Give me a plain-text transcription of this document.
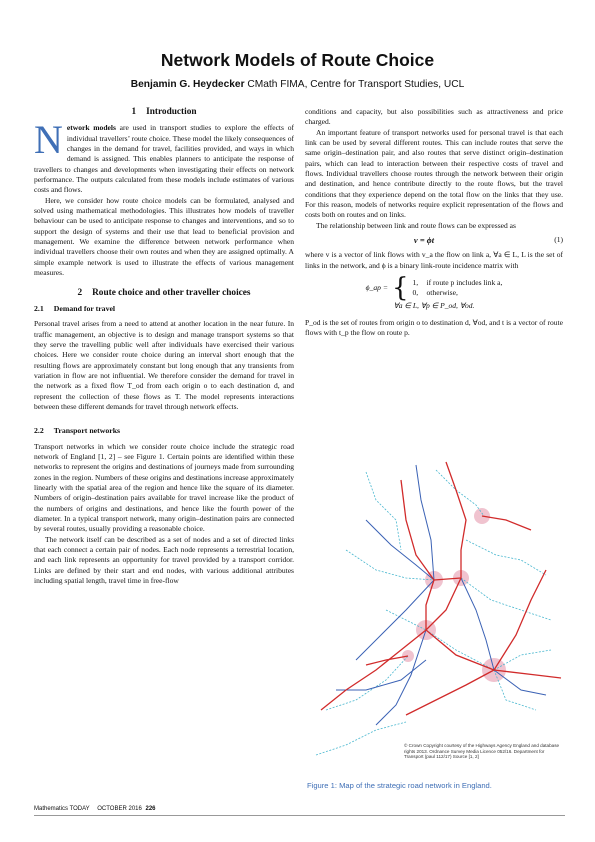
Network Models of Route Choice
Benjamin G. Heydecker CMath FIMA, Centre for Transport Studies, UCL
1 Introduction

Network models are used in transport studies to explore the effects of individual travellers’ route choice. These model the likely consequences of changes in the demand for travel, facilities provided, and ways in which demand is assigned. This enables planners to anticipate the response of travellers to changes and developments when investigating their effects on network performance. The outputs calculated from these models include estimates of various costs and flows.

Here, we consider how route choice models can be formulated, analysed and solved using mathematical methodologies. This illustrates how models of traveller behaviour can be used to anticipate response to changes and interventions, and so to support the design of systems and their use that lead to beneficial provision and management. We examine the difference between network performance when individual travellers choose their own routes and when they are assigned optimally. A simple example network is used to illustrate the effects of various management measures.

2 Route choice and other traveller choices
2.1 Demand for travel

Personal travel arises from a need to attend at another location in the near future. In traffic management, an objective is to design and manage transport systems so that they serve the travelling public well after individuals have exercised their various choices. Here we consider route choice during an interval short enough that the resulting flows are approximately constant but long enough that any transients from variation in flow are not influential. We therefore consider the demand for travel in the network as a fixed flow T_od from each origin o to each destination d, and represent the collection of these flows as T. The model represents interactions between these different demands for travel through network effects.

2.2 Transport networks

Transport networks in which we consider route choice include the strategic road network of England [1, 2] – see Figure 1. Certain points are identified within these networks to represent the origins and destinations of journeys made from surrounding zones in the region. Numbers of these origins and destinations increase approximately linearly with the spatial area of the region and hence like the square of its diameter. Numbers of origin–destination pairs available for travel increase like the product of the numbers of origins and destinations, and hence like the fourth power of the diameter. In a typical transport network, many origin–destination pairs are connected by several routes, usually providing a reasonable choice.

The network itself can be described as a set of nodes and a set of directed links that each connect a certain pair of nodes. Each node represents a terrestrial location, and each link represents an opportunity for travel provided by a transport corridor. Links are defined by their start and end nodes, with various additional attributes including spatial length, travel time in free-flow

conditions and capacity, but also possibilities such as attractiveness and price charged.

An important feature of transport networks used for personal travel is that each link can be used by several different routes. This can include routes that serve the same origin–destination pair, and also routes that serve distinct origin–destination pairs, which can lead to interaction between their respective costs of travel and flows. Individual travellers choose routes through the network between their origin and destination, and hence contribute directly to the route flows, but the travel conditions that they experience depend on the total flow on the links that they use. For this reason, models of networks require explicit representation of the flows and costs both on routes and on links.

The relationship between link and route flows can be expressed as

v = ϕt	(1)

where v is a vector of link flows with v_a the flow on link a, ∀a ∈ L, L is the set of links in the network, and ϕ is a binary link-route incidence matrix with

ϕ_ap = { 1, if route p includes link a,
0, otherwise,
∀a ∈ L, ∀p ∈ P_od, ∀od.

P_od is the set of routes from origin o to destination d, ∀od, and t is a vector of route flows with t_p the flow on route p.

© Crown Copyright courtesy of the Highways Agency England and database rights 2013. Ordnance Survey Media Licence 052/16. Department for Transport (paul 112/17) Source [1, 2]
Figure 1: Map of the strategic road network in England.
Mathematics TODAY OCTOBER 2016 226
